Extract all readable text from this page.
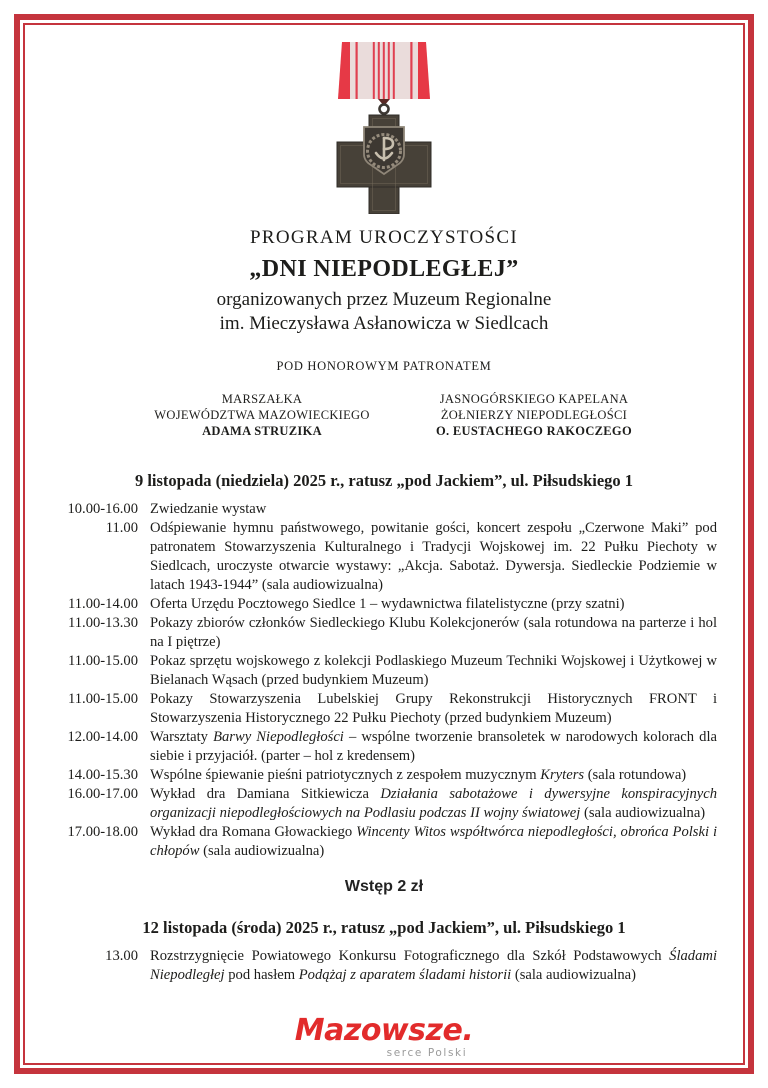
PROGRAM UROCZYSTOŚCI
„DNI NIEPODLEGŁEJ”
organizowanych przez Muzeum Regionalne
im. Mieczysława Asłanowicza w Siedlcach
POD HONOROWYM PATRONATEM
MARSZAŁKA
WOJEWÓDZTWA MAZOWIECKIEGO
ADAMA STRUZIKA
JASNOGÓRSKIEGO KAPELANA
ŻOŁNIERZY NIEPODLEGŁOŚCI
O. EUSTACHEGO RAKOCZEGO
9 listopada (niedziela) 2025 r., ratusz „pod Jackiem”, ul. Piłsudskiego 1
10.00-16.00 Zwiedzanie wystaw
11.00 Odśpiewanie hymnu państwowego, powitanie gości, koncert zespołu „Czerwone Maki” pod patronatem Stowarzyszenia Kulturalnego i Tradycji Wojskowej im. 22 Pułku Piechoty w Siedlcach, uroczyste otwarcie wystawy: „Akcja. Sabotaż. Dywersja. Siedleckie Podziemie w latach 1943-1944” (sala audiowizualna)
11.00-14.00 Oferta Urzędu Pocztowego Siedlce 1 – wydawnictwa filatelistyczne (przy szatni)
11.00-13.30 Pokazy zbiorów członków Siedleckiego Klubu Kolekcjonerów (sala rotundowa na parterze i hol na I piętrze)
11.00-15.00 Pokaz sprzętu wojskowego z kolekcji Podlaskiego Muzeum Techniki Wojskowej i Użytkowej w Bielanach Wąsach (przed budynkiem Muzeum)
11.00-15.00 Pokazy Stowarzyszenia Lubelskiej Grupy Rekonstrukcji Historycznych FRONT i Stowarzyszenia Historycznego 22 Pułku Piechoty (przed budynkiem Muzeum)
12.00-14.00 Warsztaty Barwy Niepodległości – wspólne tworzenie bransoletek w narodowych kolorach dla siebie i przyjaciół. (parter – hol z kredensem)
14.00-15.30 Wspólne śpiewanie pieśni patriotycznych z zespołem muzycznym Kryters (sala rotundowa)
16.00-17.00 Wykład dra Damiana Sitkiewicza Działania sabotażowe i dywersyjne konspiracyjnych organizacji niepodległościowych na Podlasiu podczas II wojny światowej (sala audiowizualna)
17.00-18.00 Wykład dra Romana Głowackiego Wincenty Witos współtwórca niepodległości, obrońca Polski i chłopów (sala audiowizualna)
Wstęp 2 zł
12 listopada (środa) 2025 r., ratusz „pod Jackiem”, ul. Piłsudskiego 1
13.00 Rozstrzygnięcie Powiatowego Konkursu Fotograficznego dla Szkół Podstawowych Śladami Niepodległej pod hasłem Podążaj z aparatem śladami historii (sala audiowizualna)
Mazowsze.
serce Polski
